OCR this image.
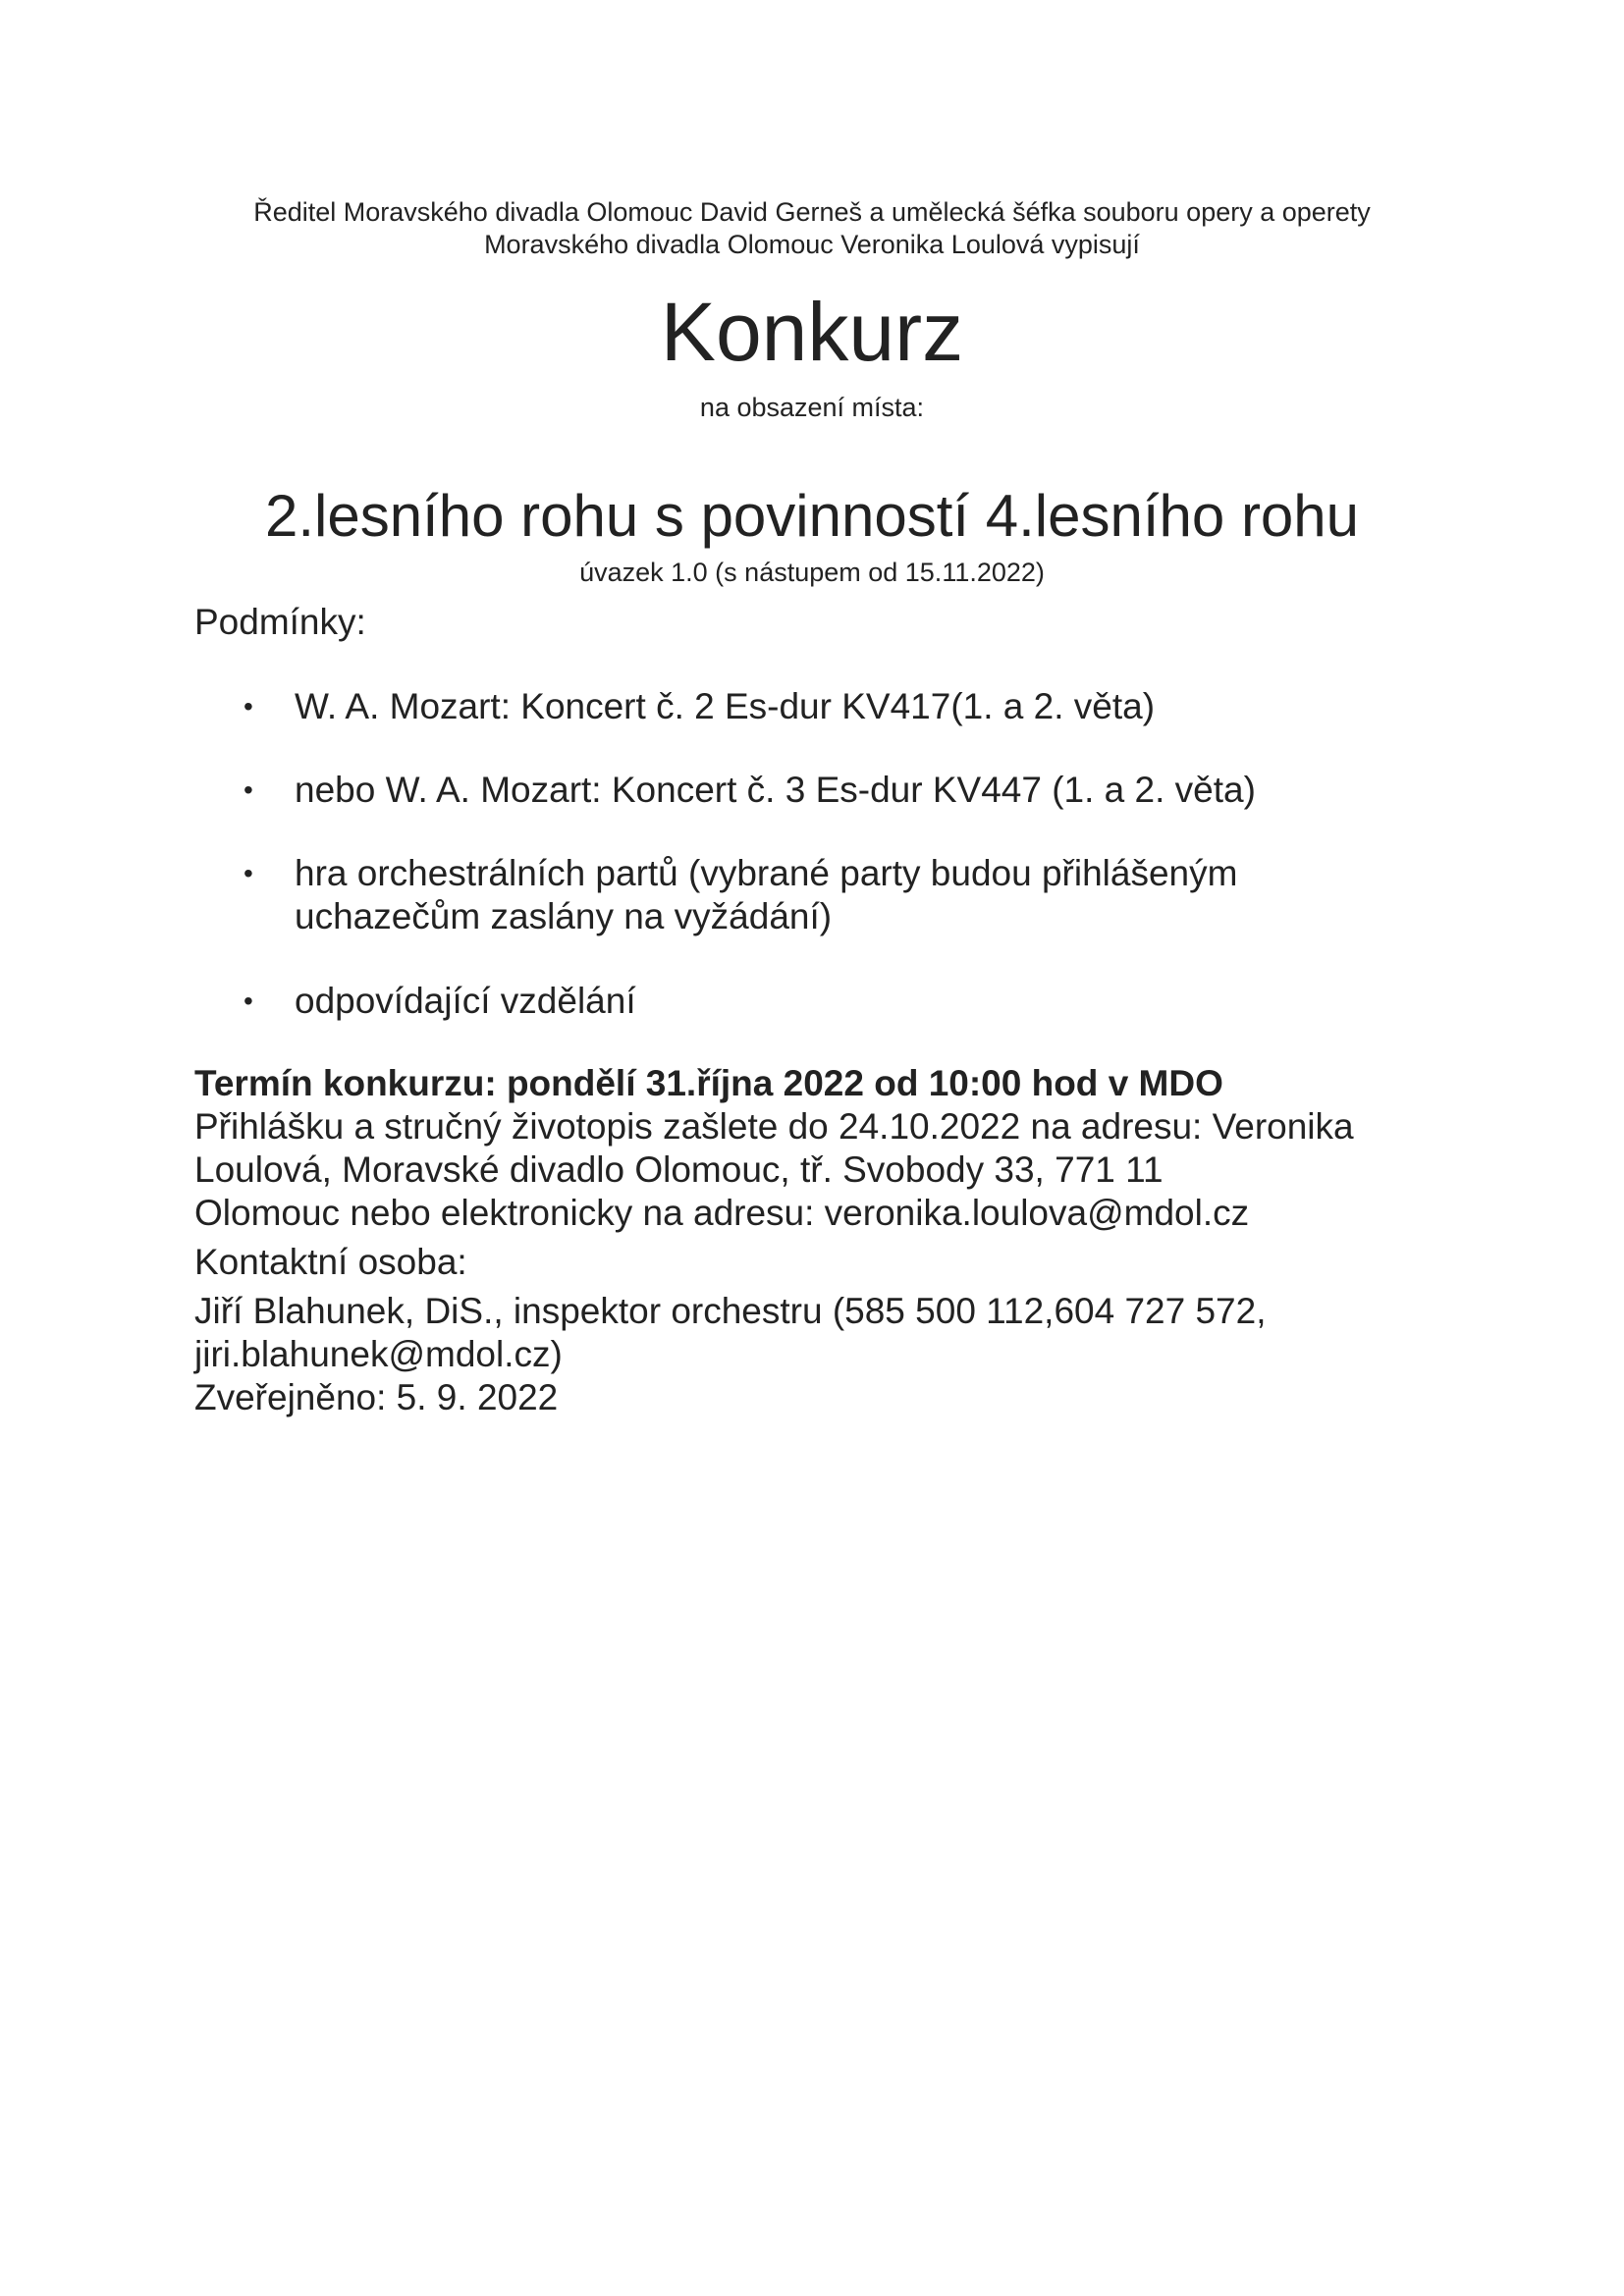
Ředitel Moravského divadla Olomouc David Gerneš a umělecká šéfka souboru opery a operety
Moravského divadla Olomouc Veronika Loulová vypisují

Konkurz

na obsazení místa:

2.lesního rohu s povinností 4.lesního rohu

úvazek 1.0 (s nástupem od 15.11.2022)

Podmínky:

• W. A. Mozart: Koncert č. 2 Es-dur KV417(1. a 2. věta)
• nebo W. A. Mozart: Koncert č. 3 Es-dur KV447 (1. a 2. věta)
• hra orchestrálních partů (vybrané party budou přihlášeným uchazečům zaslány na vyžádání)
• odpovídající vzdělání

Termín konkurzu: pondělí 31.října 2022 od 10:00 hod v MDO

Přihlášku a stručný životopis zašlete do 24.10.2022 na adresu: Veronika

Loulová, Moravské divadlo Olomouc, tř. Svobody 33, 771 11

Olomouc nebo elektronicky na adresu: veronika.loulova@mdol.cz

Kontaktní osoba:

Jiří Blahunek, DiS., inspektor orchestru (585 500 112,604 727 572,

jiri.blahunek@mdol.cz)

Zveřejněno: 5. 9. 2022
